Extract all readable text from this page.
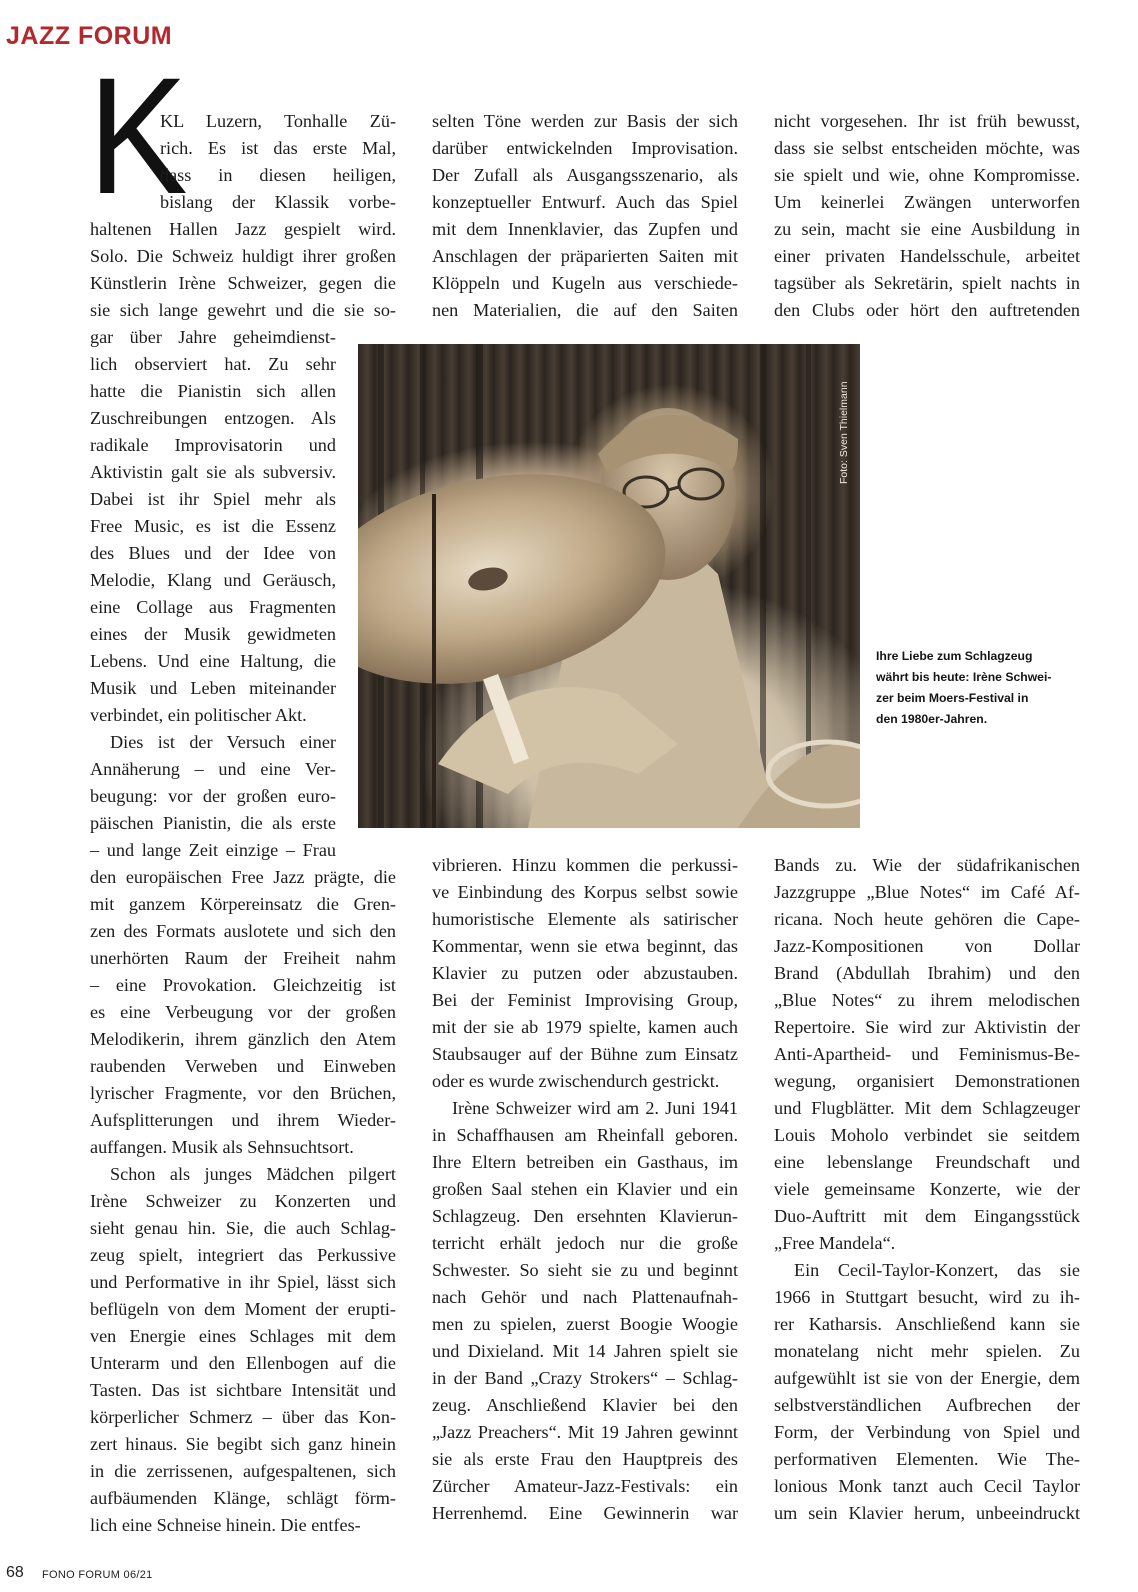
JAZZ FORUM
K
KL Luzern, Tonhalle Zü-
rich. Es ist das erste Mal,
dass in diesen heiligen,
bislang der Klassik vorbe-
haltenen Hallen Jazz gespielt wird.
Solo. Die Schweiz huldigt ihrer großen
Künstlerin Irène Schweizer, gegen die
sie sich lange gewehrt und die sie so-
gar über Jahre geheimdienst-
lich observiert hat. Zu sehr
hatte die Pianistin sich allen
Zuschreibungen entzogen. Als
radikale Improvisatorin und
Aktivistin galt sie als subversiv.
Dabei ist ihr Spiel mehr als
Free Music, es ist die Essenz
des Blues und der Idee von
Melodie, Klang und Geräusch,
eine Collage aus Fragmenten
eines der Musik gewidmeten
Lebens. Und eine Haltung, die
Musik und Leben miteinander
verbindet, ein politischer Akt.
Dies ist der Versuch einer
Annäherung – und eine Ver-
beugung: vor der großen euro-
päischen Pianistin, die als erste
– und lange Zeit einzige – Frau
den europäischen Free Jazz prägte, die
mit ganzem Körpereinsatz die Gren-
zen des Formats auslotete und sich den
unerhörten Raum der Freiheit nahm
– eine Provokation. Gleichzeitig ist
es eine Verbeugung vor der großen
Melodikerin, ihrem gänzlich den Atem
raubenden Verweben und Einweben
lyrischer Fragmente, vor den Brüchen,
Aufsplitterungen und ihrem Wieder-
auffangen. Musik als Sehnsuchtsort.
Schon als junges Mädchen pilgert
Irène Schweizer zu Konzerten und
sieht genau hin. Sie, die auch Schlag-
zeug spielt, integriert das Perkussive
und Performative in ihr Spiel, lässt sich
beflügeln von dem Moment der erupti-
ven Energie eines Schlages mit dem
Unterarm und den Ellenbogen auf die
Tasten. Das ist sichtbare Intensität und
körperlicher Schmerz – über das Kon-
zert hinaus. Sie begibt sich ganz hinein
in die zerrissenen, aufgespaltenen, sich
aufbäumenden Klänge, schlägt förm-
lich eine Schneise hinein. Die entfes-
selten Töne werden zur Basis der sich
darüber entwickelnden Improvisation.
Der Zufall als Ausgangsszenario, als
konzeptueller Entwurf. Auch das Spiel
mit dem Innenklavier, das Zupfen und
Anschlagen der präparierten Saiten mit
Klöppeln und Kugeln aus verschiede-
nen Materialien, die auf den Saiten
vibrieren. Hinzu kommen die perkussi-
ve Einbindung des Korpus selbst sowie
humoristische Elemente als satirischer
Kommentar, wenn sie etwa beginnt, das
Klavier zu putzen oder abzustauben.
Bei der Feminist Improvising Group,
mit der sie ab 1979 spielte, kamen auch
Staubsauger auf der Bühne zum Einsatz
oder es wurde zwischendurch gestrickt.
Irène Schweizer wird am 2. Juni 1941
in Schaffhausen am Rheinfall geboren.
Ihre Eltern betreiben ein Gasthaus, im
großen Saal stehen ein Klavier und ein
Schlagzeug. Den ersehnten Klavierun-
terricht erhält jedoch nur die große
Schwester. So sieht sie zu und beginnt
nach Gehör und nach Plattenaufnah-
men zu spielen, zuerst Boogie Woogie
und Dixieland. Mit 14 Jahren spielt sie
in der Band „Crazy Strokers“ – Schlag-
zeug. Anschließend Klavier bei den
„Jazz Preachers“. Mit 19 Jahren gewinnt
sie als erste Frau den Hauptpreis des
Zürcher Amateur-Jazz-Festivals: ein
Herrenhemd. Eine Gewinnerin war
nicht vorgesehen. Ihr ist früh bewusst,
dass sie selbst entscheiden möchte, was
sie spielt und wie, ohne Kompromisse.
Um keinerlei Zwängen unterworfen
zu sein, macht sie eine Ausbildung in
einer privaten Handelsschule, arbeitet
tagsüber als Sekretärin, spielt nachts in
den Clubs oder hört den auftretenden
Bands zu. Wie der südafrikanischen
Jazzgruppe „Blue Notes“ im Café Af-
ricana. Noch heute gehören die Cape-
Jazz-Kompositionen von Dollar
Brand (Abdullah Ibrahim) und den
„Blue Notes“ zu ihrem melodischen
Repertoire. Sie wird zur Aktivistin der
Anti-Apartheid- und Feminismus-Be-
wegung, organisiert Demonstrationen
und Flugblätter. Mit dem Schlagzeuger
Louis Moholo verbindet sie seitdem
eine lebenslange Freundschaft und
viele gemeinsame Konzerte, wie der
Duo-Auftritt mit dem Eingangsstück
„Free Mandela“.
Ein Cecil-Taylor-Konzert, das sie
1966 in Stuttgart besucht, wird zu ih-
rer Katharsis. Anschließend kann sie
monatelang nicht mehr spielen. Zu
aufgewühlt ist sie von der Energie, dem
selbstverständlichen Aufbrechen der
Form, der Verbindung von Spiel und
performativen Elementen. Wie The-
lonious Monk tanzt auch Cecil Taylor
um sein Klavier herum, unbeeindruckt
Foto: Sven Thielmann
Ihre Liebe zum Schlagzeug
währt bis heute: Irène Schwei-
zer beim Moers-Festival in
den 1980er-Jahren.
68 FONO FORUM 06/21
